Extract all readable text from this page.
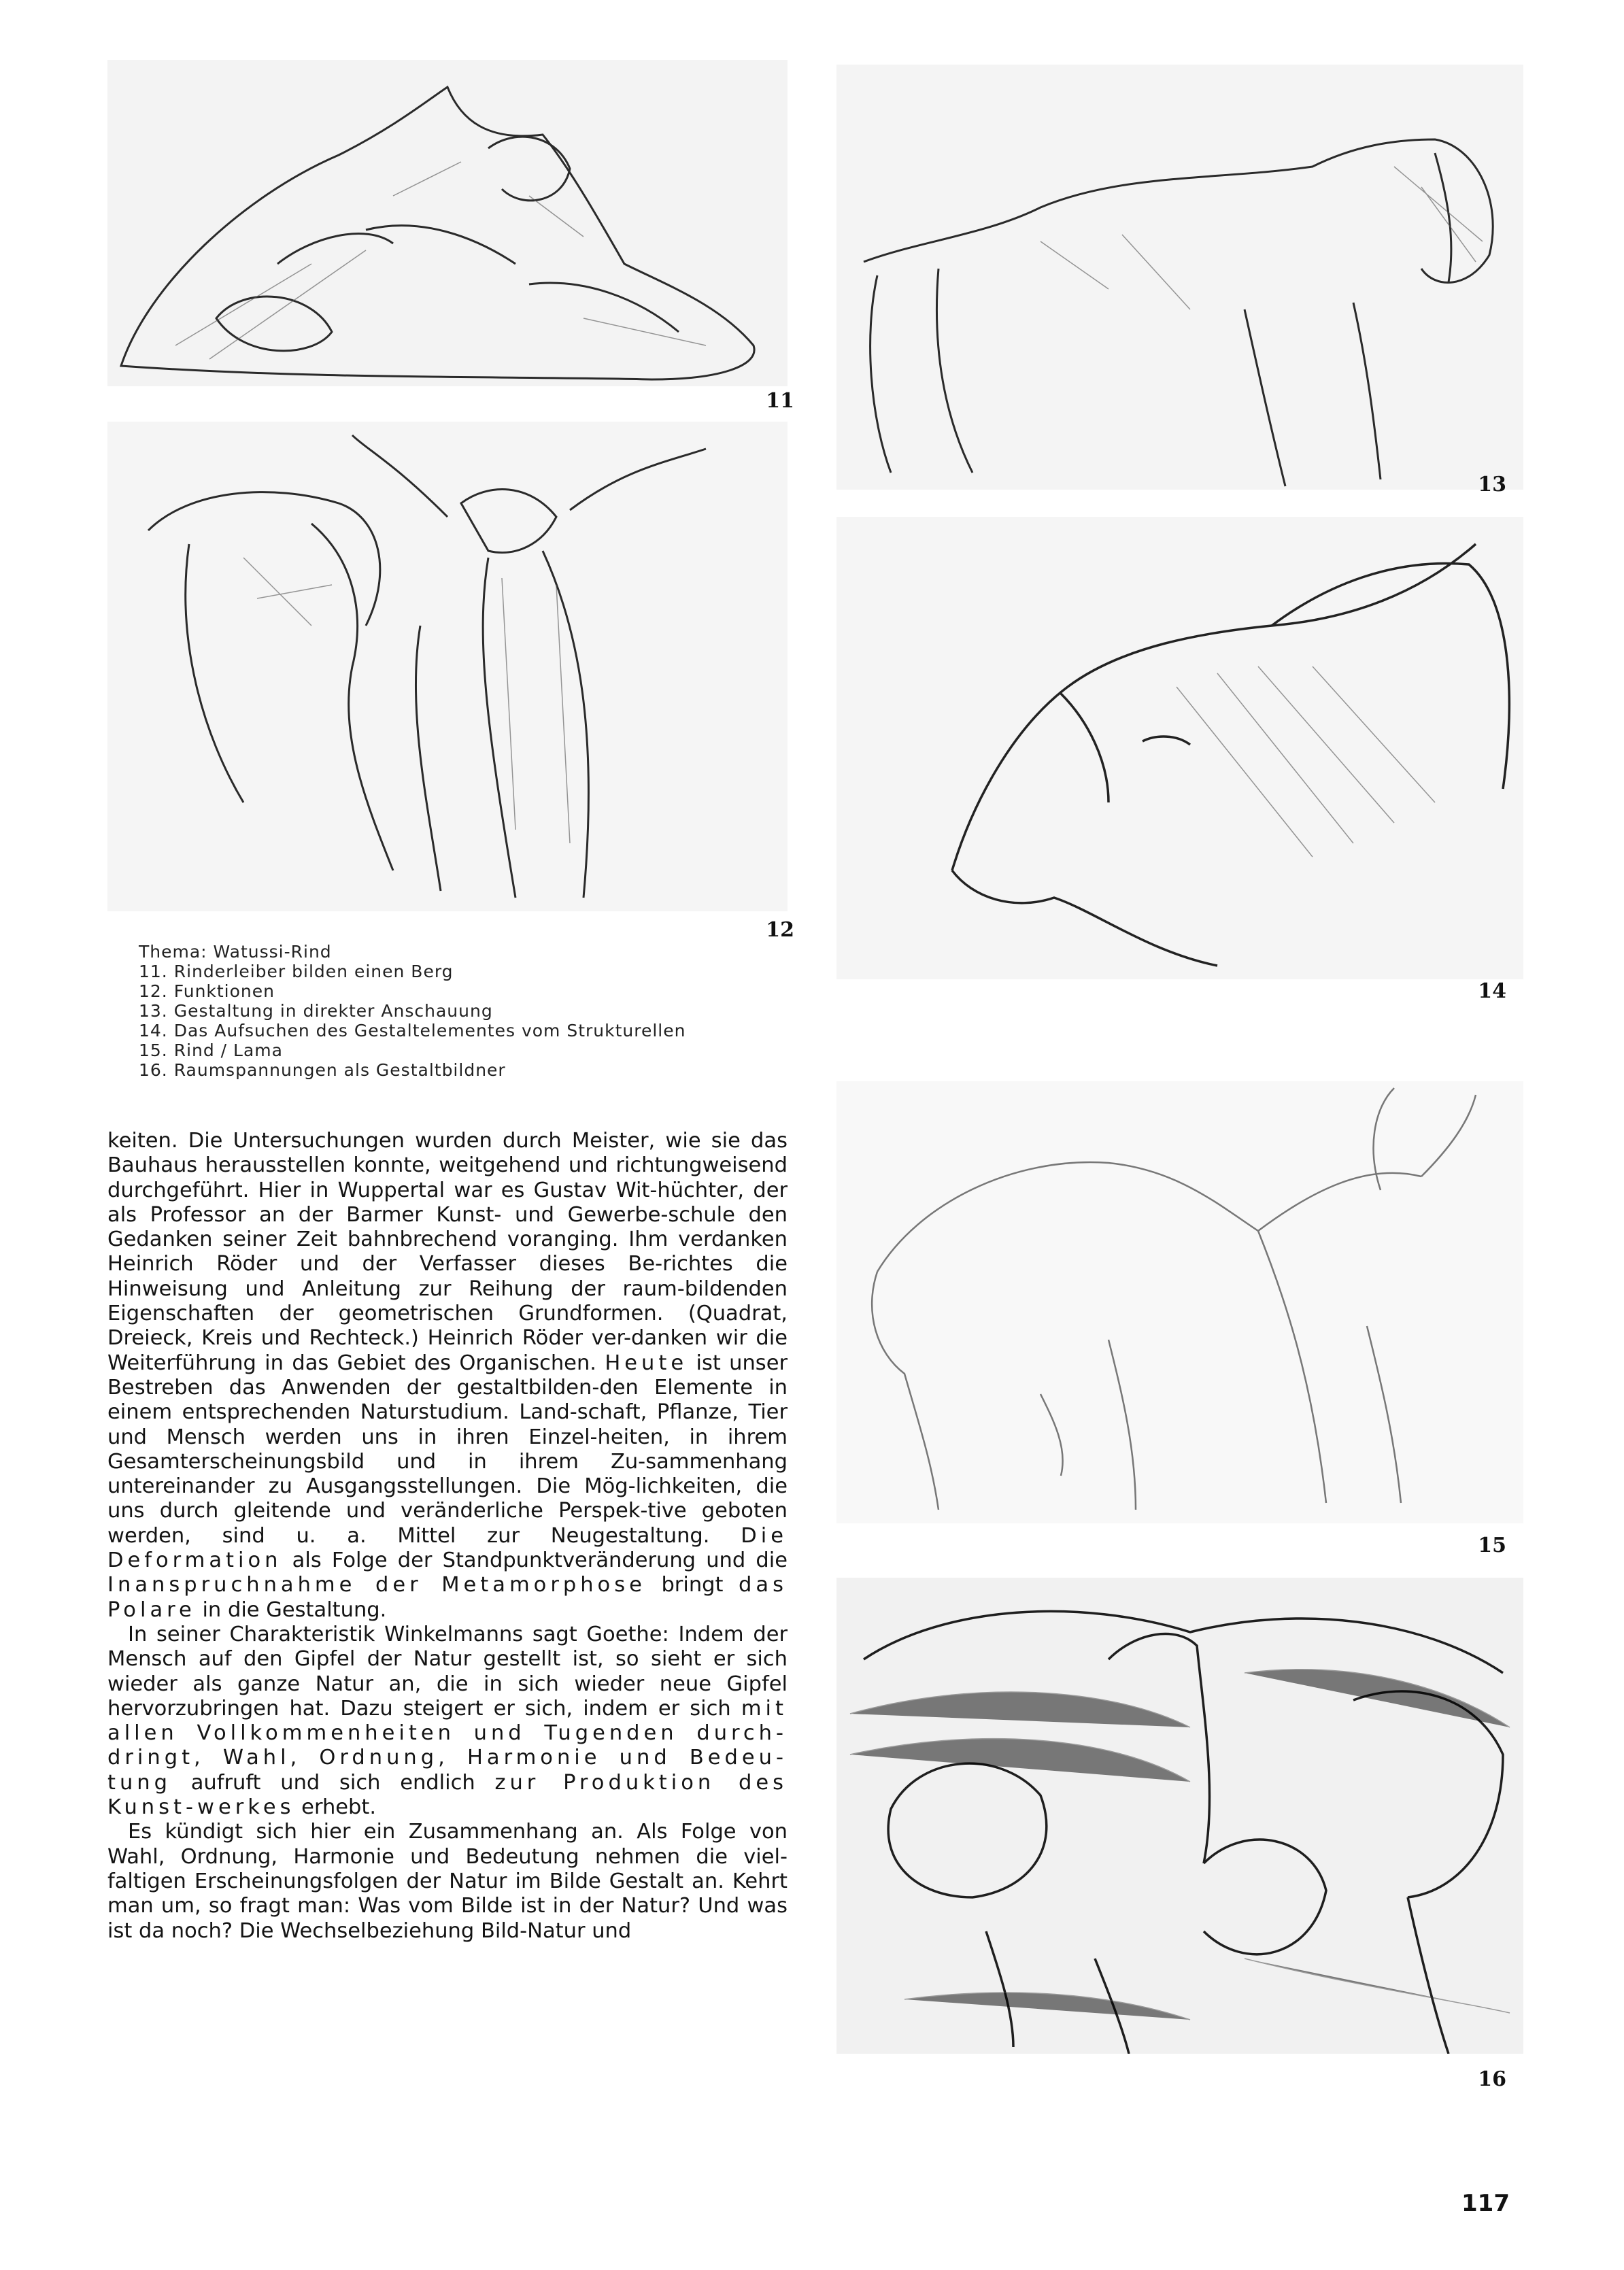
11
12
13
14
15
16
Thema: Watussi-Rind
11. Rinderleiber bilden einen Berg
12. Funktionen
13. Gestaltung in direkter Anschauung
14. Das Aufsuchen des Gestaltelementes vom Strukturellen
15. Rind / Lama
16. Raumspannungen als Gestaltbildner

keiten. Die Untersuchungen wurden durch Meister, wie sie das Bauhaus herausstellen konnte, weitgehend und richtungweisend durchgeführt. Hier in Wuppertal war es Gustav Wit-hüchter, der als Professor an der Barmer Kunst- und Gewerbe-schule den Gedanken seiner Zeit bahnbrechend voranging. Ihm verdanken Heinrich Röder und der Verfasser dieses Be-richtes die Hinweisung und Anleitung zur Reihung der raum-bildenden Eigenschaften der geometrischen Grundformen. (Quadrat, Dreieck, Kreis und Rechteck.) Heinrich Röder ver-danken wir die Weiterführung in das Gebiet des Organischen. Heute ist unser Bestreben das Anwenden der gestaltbilden-den Elemente in einem entsprechenden Naturstudium. Land-schaft, Pflanze, Tier und Mensch werden uns in ihren Einzel-heiten, in ihrem Gesamterscheinungsbild und in ihrem Zu-sammenhang untereinander zu Ausgangsstellungen. Die Mög-lichkeiten, die uns durch gleitende und veränderliche Perspek-tive geboten werden, sind u. a. Mittel zur Neugestaltung. Die Deformation als Folge der Standpunktveränderung und die Inanspruchnahme der Metamorphose bringt das Polare in die Gestaltung.

In seiner Charakteristik Winkelmanns sagt Goethe: Indem der Mensch auf den Gipfel der Natur gestellt ist, so sieht er sich wieder als ganze Natur an, die in sich wieder neue Gipfel hervorzubringen hat. Dazu steigert er sich, indem er sich mit allen Vollkommenheiten und Tugenden durch-dringt, Wahl, Ordnung, Harmonie und Bedeu-tung aufruft und sich endlich zur Produktion des Kunst-werkes erhebt.

Es kündigt sich hier ein Zusammenhang an. Als Folge von Wahl, Ordnung, Harmonie und Bedeutung nehmen die viel-faltigen Erscheinungsfolgen der Natur im Bilde Gestalt an. Kehrt man um, so fragt man: Was vom Bilde ist in der Natur? Und was ist da noch? Die Wechselbeziehung Bild-Natur und

117
